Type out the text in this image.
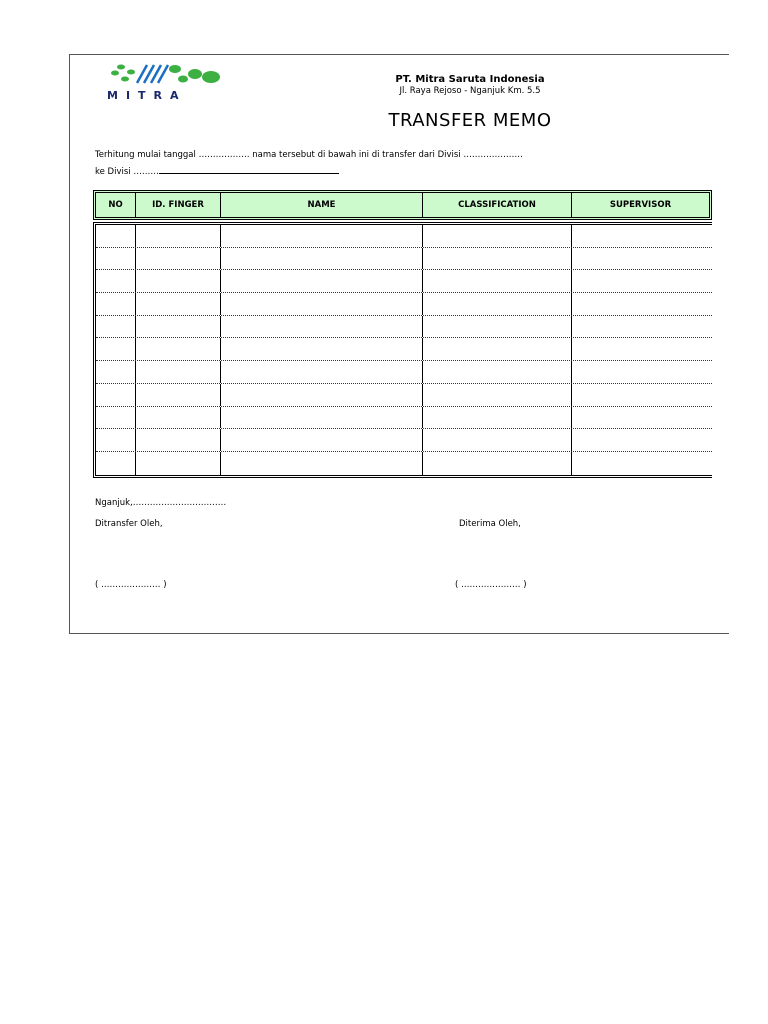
MITRA
PT. Mitra Saruta Indonesia
Jl. Raya Rejoso - Nganjuk Km. 5.5
TRANSFER MEMO
Terhitung mulai tanggal ……………… nama tersebut di bawah ini di transfer dari Divisi …………………
ke Divisi ………
NO	ID. FINGER	NAME	CLASSIFICATION	SUPERVISOR
Nganjuk,……………………………
Ditransfer Oleh,	Diterima Oleh,
( ………………… )	( ………………… )
